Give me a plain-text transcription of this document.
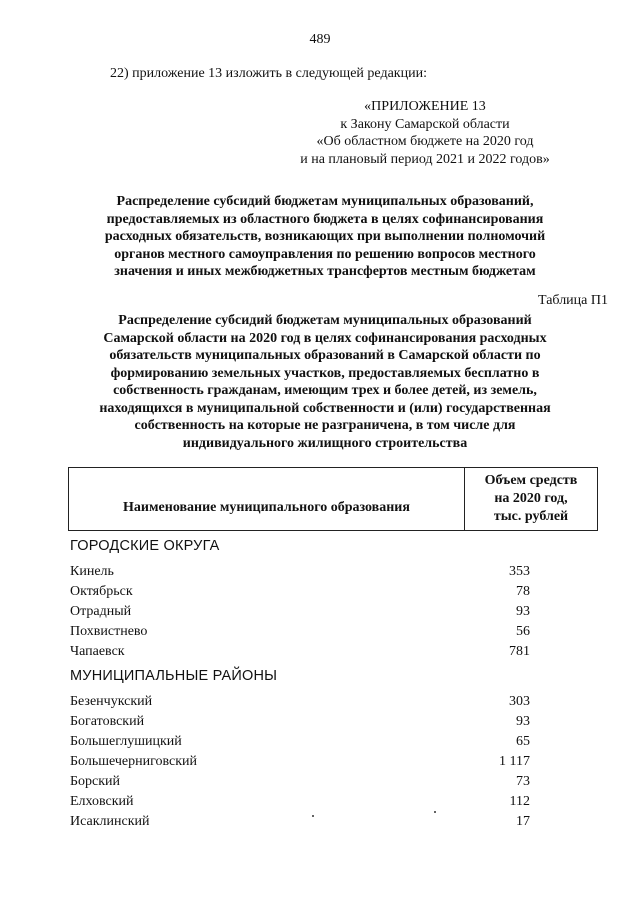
489
22) приложение 13 изложить в следующей редакции:
«ПРИЛОЖЕНИЕ 13
к Закону Самарской области
«Об областном бюджете на 2020 год
и на плановый период 2021 и 2022 годов»
Распределение субсидий бюджетам муниципальных образований,
предоставляемых из областного бюджета в целях софинансирования
расходных обязательств, возникающих при выполнении полномочий
органов местного самоуправления по решению вопросов местного
значения и иных межбюджетных трансфертов местным бюджетам
Таблица П1
Распределение субсидий бюджетам муниципальных образований
Самарской области на 2020 год в целях софинансирования расходных
обязательств муниципальных образований в Самарской области по
формированию земельных участков, предоставляемых бесплатно в
собственность гражданам, имеющим трех и более детей, из земель,
находящихся в муниципальной собственности и (или) государственная
собственность на которые не разграничена, в том числе для
индивидуального жилищного строительства
Наименование муниципального образования
Объем средств
на 2020 год,
тыс. рублей
ГОРОДСКИЕ ОКРУГА
Кинель	353
Октябрьск	78
Отрадный	93
Похвистнево	56
Чапаевск	781
МУНИЦИПАЛЬНЫЕ РАЙОНЫ
Безенчукский	303
Богатовский	93
Большеглушицкий	65
Большечерниговский	1 117
Борский	73
Елховский	112
Исаклинский	17
